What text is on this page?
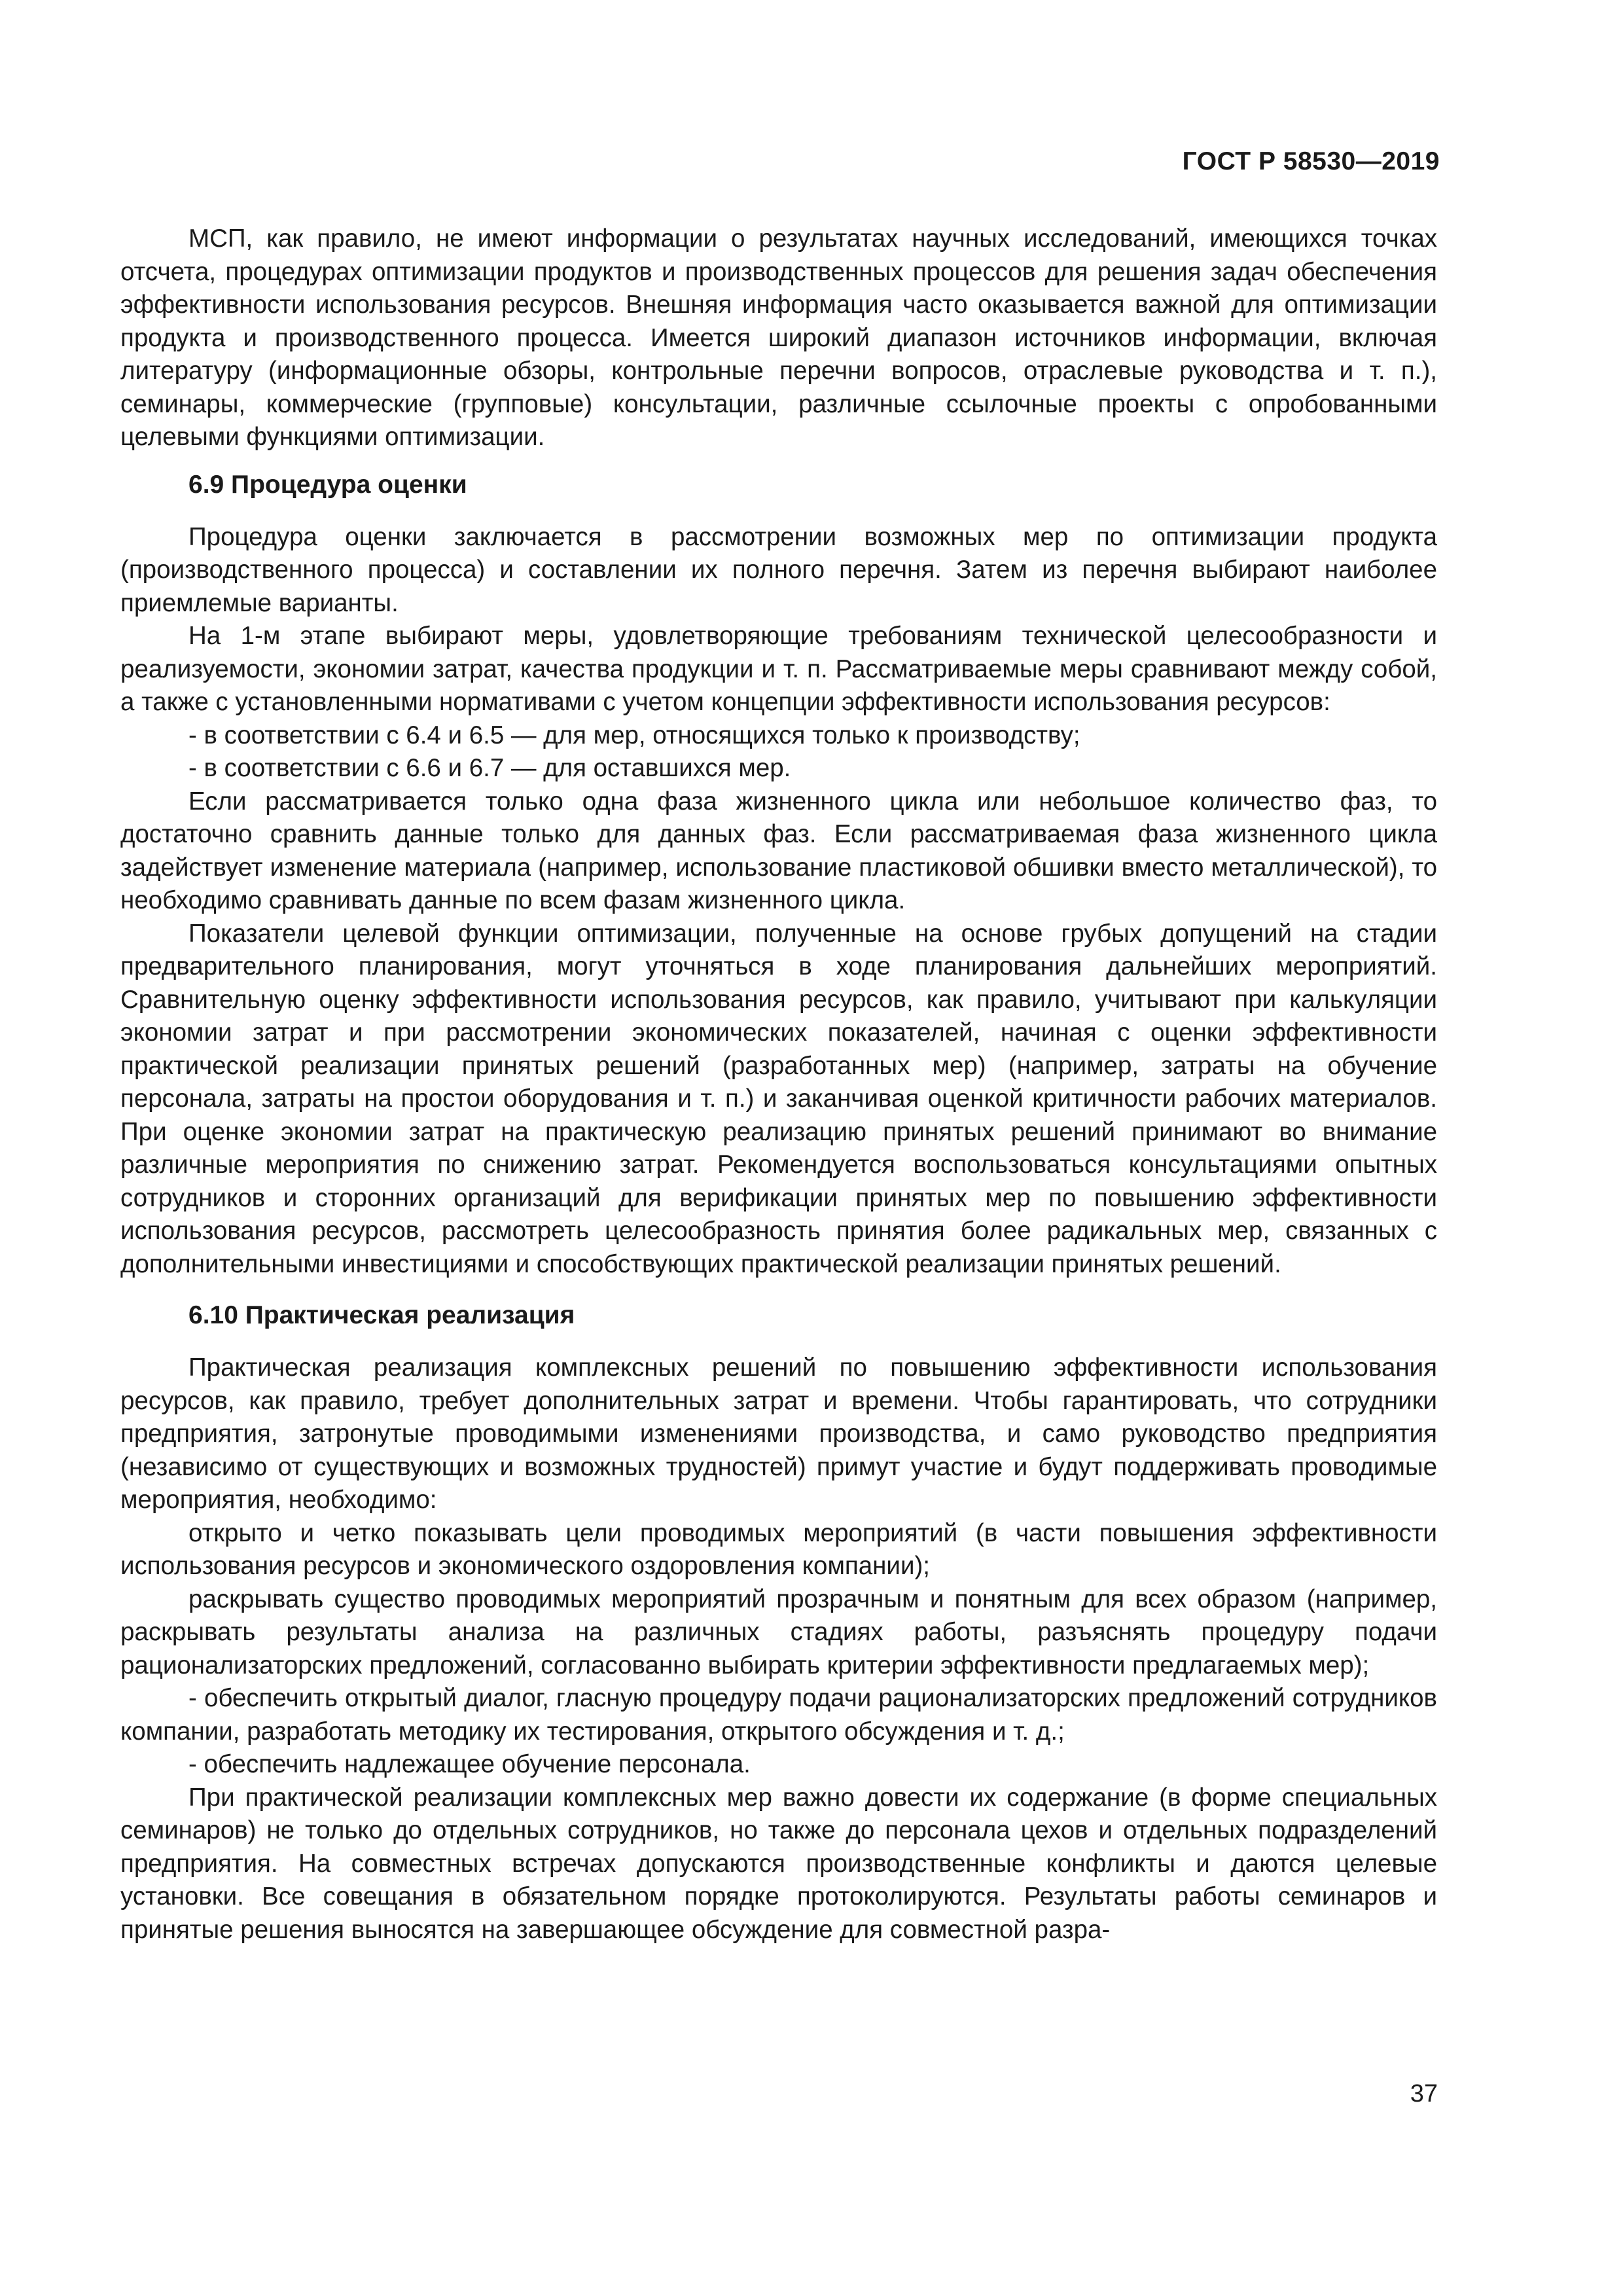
ГОСТ Р 58530—2019

МСП, как правило, не имеют информации о результатах научных исследований, имеющихся точках отсчета, процедурах оптимизации продуктов и производственных процессов для решения задач обеспечения эффективности использования ресурсов. Внешняя информация часто оказывается важной для оптимизации продукта и производственного процесса. Имеется широкий диапазон источников информации, включая литературу (информационные обзоры, контрольные перечни вопросов, отраслевые руководства и т. п.), семинары, коммерческие (групповые) консультации, различные ссылочные проекты с опробованными целевыми функциями оптимизации.

6.9 Процедура оценки

Процедура оценки заключается в рассмотрении возможных мер по оптимизации продукта (производственного процесса) и составлении их полного перечня. Затем из перечня выбирают наиболее приемлемые варианты.

На 1-м этапе выбирают меры, удовлетворяющие требованиям технической целесообразности и реализуемости, экономии затрат, качества продукции и т. п. Рассматриваемые меры сравнивают между собой, а также с установленными нормативами с учетом концепции эффективности использования ресурсов:

- в соответствии с 6.4 и 6.5 — для мер, относящихся только к производству;

- в соответствии с 6.6 и 6.7 — для оставшихся мер.

Если рассматривается только одна фаза жизненного цикла или небольшое количество фаз, то достаточно сравнить данные только для данных фаз. Если рассматриваемая фаза жизненного цикла задействует изменение материала (например, использование пластиковой обшивки вместо металлической), то необходимо сравнивать данные по всем фазам жизненного цикла.

Показатели целевой функции оптимизации, полученные на основе грубых допущений на стадии предварительного планирования, могут уточняться в ходе планирования дальнейших мероприятий. Сравнительную оценку эффективности использования ресурсов, как правило, учитывают при калькуляции экономии затрат и при рассмотрении экономических показателей, начиная с оценки эффективности практической реализации принятых решений (разработанных мер) (например, затраты на обучение персонала, затраты на простои оборудования и т. п.) и заканчивая оценкой критичности рабочих материалов. При оценке экономии затрат на практическую реализацию принятых решений принимают во внимание различные мероприятия по снижению затрат. Рекомендуется воспользоваться консультациями опытных сотрудников и сторонних организаций для верификации принятых мер по повышению эффективности использования ресурсов, рассмотреть целесообразность принятия более радикальных мер, связанных с дополнительными инвестициями и способствующих практической реализации принятых решений.

6.10 Практическая реализация

Практическая реализация комплексных решений по повышению эффективности использования ресурсов, как правило, требует дополнительных затрат и времени. Чтобы гарантировать, что сотрудники предприятия, затронутые проводимыми изменениями производства, и само руководство предприятия (независимо от существующих и возможных трудностей) примут участие и будут поддерживать проводимые мероприятия, необходимо:

открыто и четко показывать цели проводимых мероприятий (в части повышения эффективности использования ресурсов и экономического оздоровления компании);

раскрывать существо проводимых мероприятий прозрачным и понятным для всех образом (например, раскрывать результаты анализа на различных стадиях работы, разъяснять процедуру подачи рационализаторских предложений, согласованно выбирать критерии эффективности предлагаемых мер);

- обеспечить открытый диалог, гласную процедуру подачи рационализаторских предложений сотрудников компании, разработать методику их тестирования, открытого обсуждения и т. д.;

- обеспечить надлежащее обучение персонала.

При практической реализации комплексных мер важно довести их содержание (в форме специальных семинаров) не только до отдельных сотрудников, но также до персонала цехов и отдельных подразделений предприятия. На совместных встречах допускаются производственные конфликты и даются целевые установки. Все совещания в обязательном порядке протоколируются. Результаты работы семинаров и принятые решения выносятся на завершающее обсуждение для совместной разра-

37
